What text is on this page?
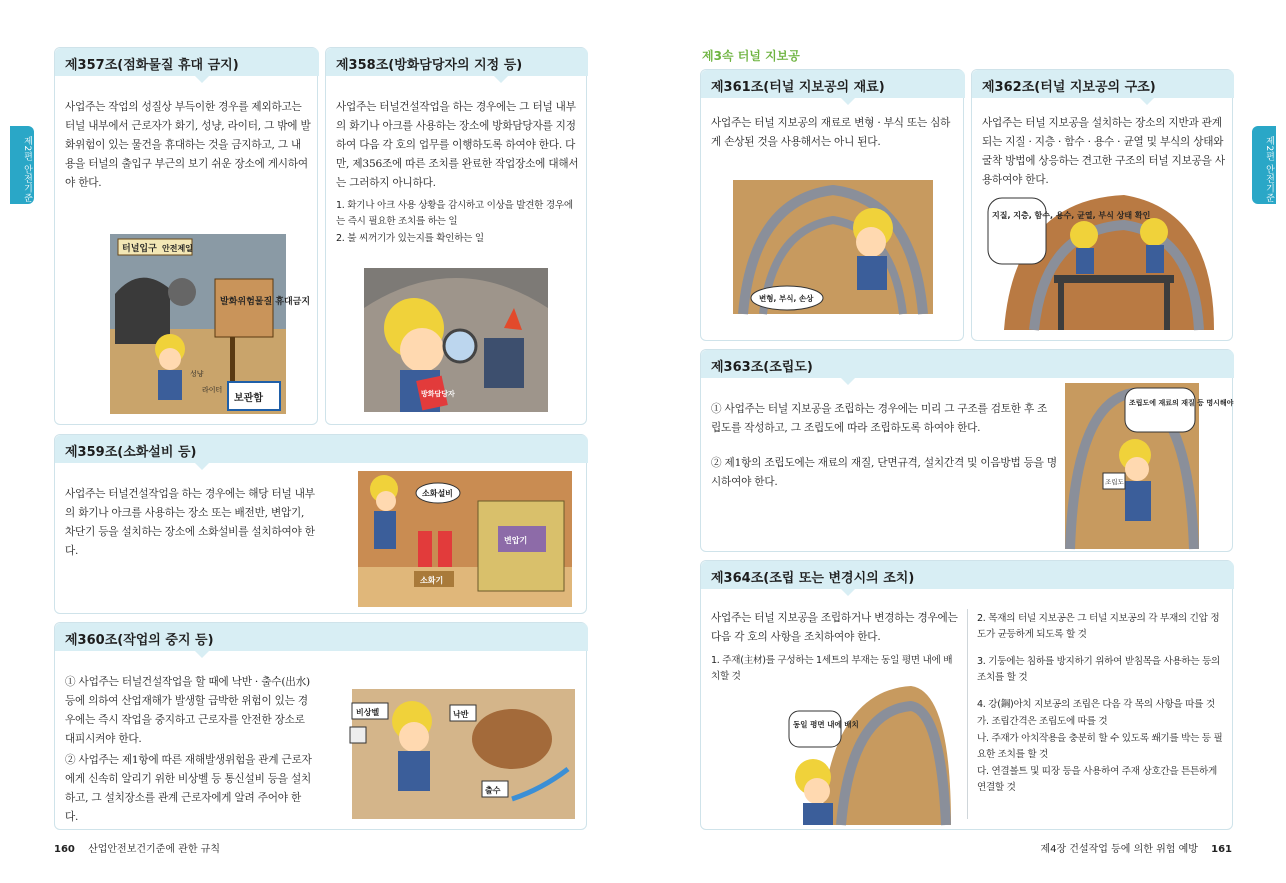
제2편 안전기준	제2편 안전기준
제357조(점화물질 휴대 금지)
사업주는 작업의 성질상 부득이한 경우를 제외하고는 터널 내부에서 근로자가 화기, 성냥, 라이터, 그 밖에 발화위험이 있는 물건을 휴대하는 것을 금지하고, 그 내용을 터널의 출입구 부근의 보기 쉬운 장소에 게시하여야 한다.
터널입구 안전제일
발화위험물질 휴대금지
보관함
성냥
라이터
제358조(방화담당자의 지정 등)
사업주는 터널건설작업을 하는 경우에는 그 터널 내부의 화기나 아크를 사용하는 장소에 방화담당자를 지정하여 다음 각 호의 업무를 이행하도록 하여야 한다. 다만, 제356조에 따른 조치를 완료한 작업장소에 대해서는 그러하지 아니하다.

1. 화기나 아크 사용 상황을 감시하고 이상을 발견한 경우에는 즉시 필요한 조치를 하는 일

2. 불 씨꺼기가 있는지를 확인하는 일

방화담당자
제359조(소화설비 등)
사업주는 터널건설작업을 하는 경우에는 해당 터널 내부의 화기나 아크를 사용하는 장소 또는 배전반, 변압기, 차단기 등을 설치하는 장소에 소화설비를 설치하여야 한다.
변압기
소화설비
소화기
제360조(작업의 중지 등)
① 사업주는 터널건설작업을 할 때에 낙반 · 출수(出水) 등에 의하여 산업재해가 발생할 급박한 위험이 있는 경우에는 즉시 작업을 중지하고 근로자를 안전한 장소로 대피시켜야 한다.
② 사업주는 제1항에 따른 재해발생위험을 관계 근로자에게 신속히 알리기 위한 비상벨 등 통신설비 등을 설치하고, 그 설치장소를 관계 근로자에게 알려 주어야 한다.
비상벨	낙반
출수
160 산업안전보건기준에 관한 규칙
제3속 터널 지보공
제361조(터널 지보공의 재료)
사업주는 터널 지보공의 재료로 변형 · 부식 또는 심하게 손상된 것을 사용해서는 아니 된다.
변형, 부식, 손상
제362조(터널 지보공의 구조)
사업주는 터널 지보공을 설치하는 장소의 지반과 관계되는 지질 · 지층 · 함수 · 용수 · 균열 및 부식의 상태와 굴착 방법에 상응하는 견고한 구조의 터널 지보공을 사용하여야 한다.
지질, 지층, 함수, 용수, 균열, 부식 상태 확인
제363조(조립도)
① 사업주는 터널 지보공을 조립하는 경우에는 미리 그 구조를 검토한 후 조립도를 작성하고, 그 조립도에 따라 조립하도록 하여야 한다.
② 제1항의 조립도에는 재료의 재질, 단면규격, 설치간격 및 이음방법 등을 명시하여야 한다.	조립도
조립도에 재료의 재질 등 명시해야
제364조(조립 또는 변경시의 조치)
사업주는 터널 지보공을 조립하거나 변경하는 경우에는 다음 각 호의 사항을 조치하여야 한다.
1. 주재(主材)를 구성하는 1세트의 부재는 동일 평면 내에 배치할 것

2. 목재의 터널 지보공은 그 터널 지보공의 각 부재의 긴압 정도가 균등하게 되도록 할 것

3. 기둥에는 침하를 방지하기 위하여 받침목을 사용하는 등의 조치를 할 것

4. 강(鋼)아치 지보공의 조립은 다음 각 목의 사항을 따를 것

가. 조립간격은 조립도에 따를 것

나. 주재가 아치작용을 충분히 할 수 있도록 쐐기를 박는 등 필요한 조치를 할 것

다. 연결볼트 및 띠장 등을 사용하여 주재 상호간을 튼튼하게 연결할 것

동일 평면 내에 배치
제4장 건설작업 등에 의한 위험 예방 161
